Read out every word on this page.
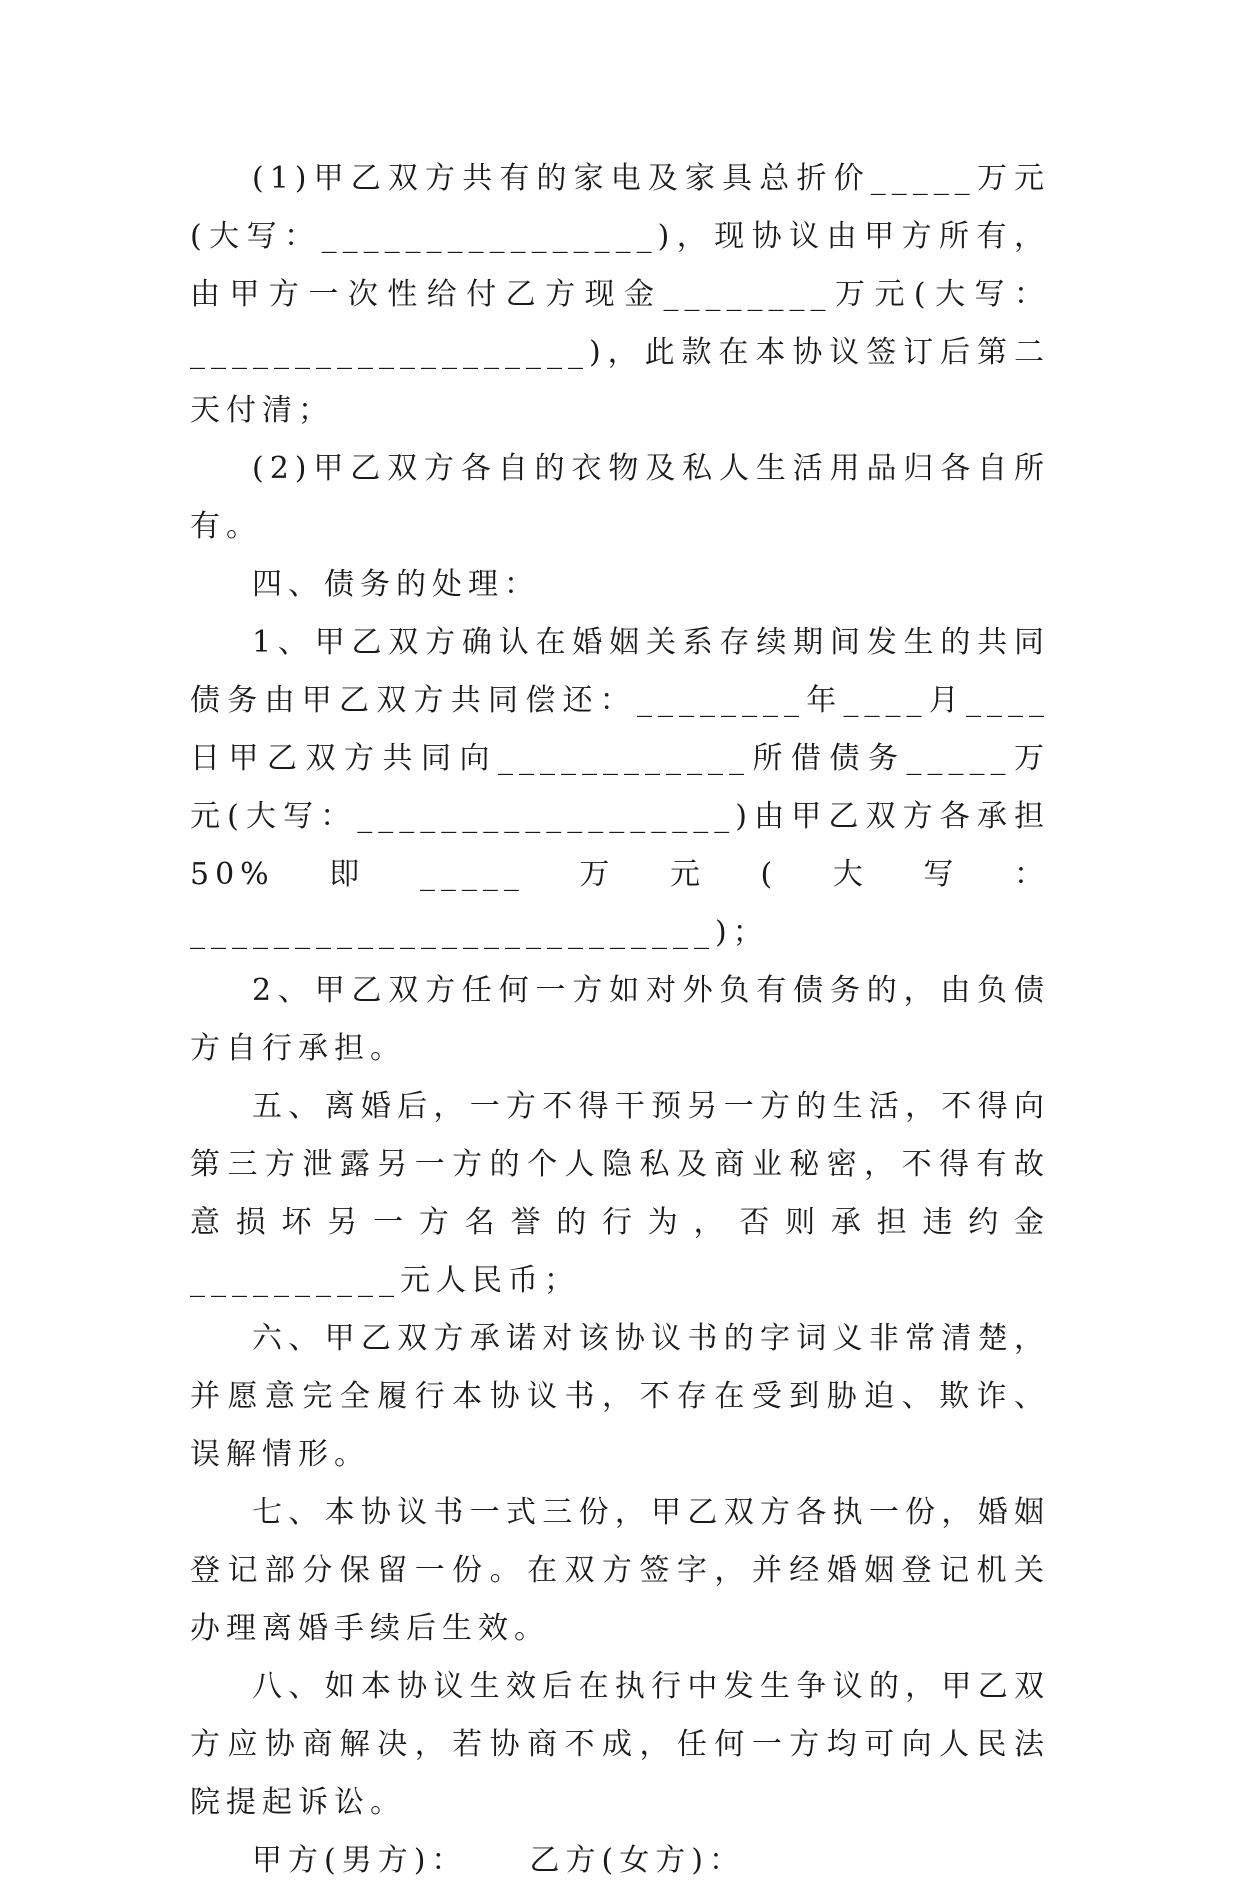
(1)甲乙双方共有的家电及家具总折价_____万元(大写：________________)，现协议由甲方所有，由甲方一次性给付乙方现金________万元(大写：___________________)，此款在本协议签订后第二天付清；

(2)甲乙双方各自的衣物及私人生活用品归各自所有。

四、债务的处理：

1、甲乙双方确认在婚姻关系存续期间发生的共同债务由甲乙双方共同偿还：________年____月____日甲乙双方共同向____________所借债务_____万元(大写：__________________)由甲乙双方各承担50%即_____万元(大写：_________________________)；

2、甲乙双方任何一方如对外负有债务的，由负债方自行承担。

五、离婚后，一方不得干预另一方的生活，不得向第三方泄露另一方的个人隐私及商业秘密，不得有故意损坏另一方名誉的行为，否则承担违约金__________元人民币；

六、甲乙双方承诺对该协议书的字词义非常清楚，并愿意完全履行本协议书，不存在受到胁迫、欺诈、误解情形。

七、本协议书一式三份，甲乙双方各执一份，婚姻登记部分保留一份。在双方签字，并经婚姻登记机关办理离婚手续后生效。

八、如本协议生效后在执行中发生争议的，甲乙双方应协商解决，若协商不成，任何一方均可向人民法院提起诉讼。

甲方(男方)：    乙方(女方)：
